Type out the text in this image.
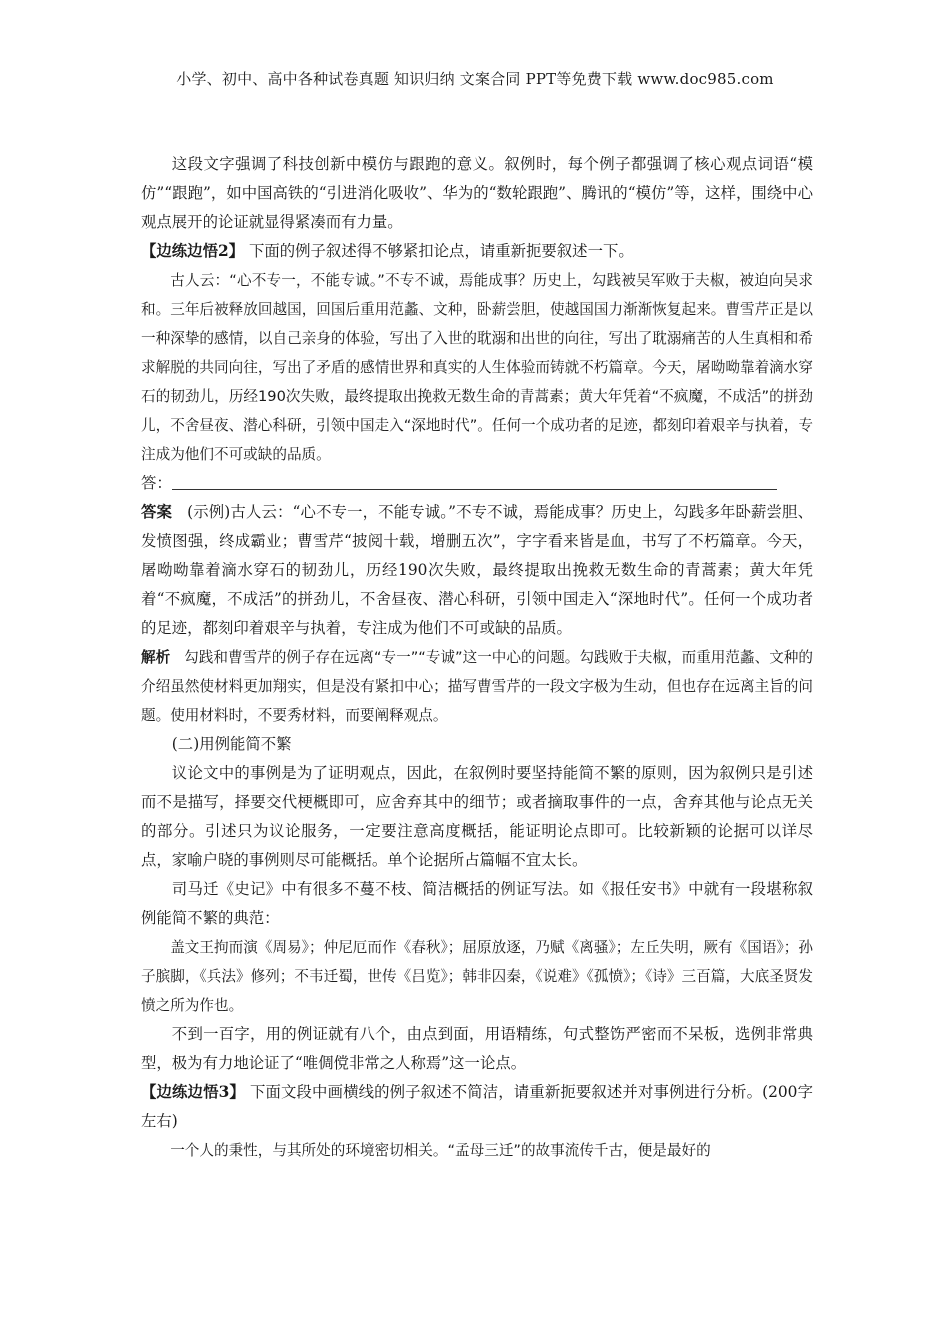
小学、初中、高中各种试卷真题 知识归纳 文案合同 PPT等免费下载 www.doc985.com

这段文字强调了科技创新中模仿与跟跑的意义。叙例时，每个例子都强调了核心观点词语“模仿”“跟跑”，如中国高铁的“引进消化吸收”、华为的“数轮跟跑”、腾讯的“模仿”等，这样，围绕中心观点展开的论证就显得紧凑而有力量。

【边练边悟2】 下面的例子叙述得不够紧扣论点，请重新扼要叙述一下。

古人云：“心不专一，不能专诚。”不专不诚，焉能成事？历史上，勾践被吴军败于夫椒，被迫向吴求和。三年后被释放回越国，回国后重用范蠡、文种，卧薪尝胆，使越国国力渐渐恢复起来。曹雪芹正是以一种深挚的感情，以自己亲身的体验，写出了入世的耽溺和出世的向往，写出了耽溺痛苦的人生真相和希求解脱的共同向往，写出了矛盾的感情世界和真实的人生体验而铸就不朽篇章。今天，屠呦呦靠着滴水穿石的韧劲儿，历经190次失败，最终提取出挽救无数生命的青蒿素；黄大年凭着“不疯魔，不成活”的拼劲儿，不舍昼夜、潜心科研，引领中国走入“深地时代”。任何一个成功者的足迹，都刻印着艰辛与执着，专注成为他们不可或缺的品质。

答：

答案 (示例)古人云：“心不专一，不能专诚。”不专不诚，焉能成事？历史上，勾践多年卧薪尝胆、发愤图强，终成霸业；曹雪芹“披阅十载，增删五次”，字字看来皆是血，书写了不朽篇章。今天，屠呦呦靠着滴水穿石的韧劲儿，历经190次失败，最终提取出挽救无数生命的青蒿素；黄大年凭着“不疯魔，不成活”的拼劲儿，不舍昼夜、潜心科研，引领中国走入“深地时代”。任何一个成功者的足迹，都刻印着艰辛与执着，专注成为他们不可或缺的品质。

解析 勾践和曹雪芹的例子存在远离“专一”“专诚”这一中心的问题。勾践败于夫椒，而重用范蠡、文种的介绍虽然使材料更加翔实，但是没有紧扣中心；描写曹雪芹的一段文字极为生动，但也存在远离主旨的问题。使用材料时，不要秀材料，而要阐释观点。

(二)用例能简不繁

议论文中的事例是为了证明观点，因此，在叙例时要坚持能简不繁的原则，因为叙例只是引述而不是描写，择要交代梗概即可，应舍弃其中的细节；或者摘取事件的一点，舍弃其他与论点无关的部分。引述只为议论服务，一定要注意高度概括，能证明论点即可。比较新颖的论据可以详尽点，家喻户晓的事例则尽可能概括。单个论据所占篇幅不宜太长。

司马迁《史记》中有很多不蔓不枝、简洁概括的例证写法。如《报任安书》中就有一段堪称叙例能简不繁的典范：

盖文王拘而演《周易》；仲尼厄而作《春秋》；屈原放逐，乃赋《离骚》；左丘失明，厥有《国语》；孙子膑脚，《兵法》修列；不韦迁蜀，世传《吕览》；韩非囚秦，《说难》《孤愤》；《诗》三百篇，大底圣贤发愤之所为作也。

不到一百字，用的例证就有八个，由点到面，用语精练，句式整饬严密而不呆板，选例非常典型，极为有力地论证了“唯倜傥非常之人称焉”这一论点。

【边练边悟3】 下面文段中画横线的例子叙述不简洁，请重新扼要叙述并对事例进行分析。(200字左右)

一个人的秉性，与其所处的环境密切相关。“孟母三迁”的故事流传千古，便是最好的
